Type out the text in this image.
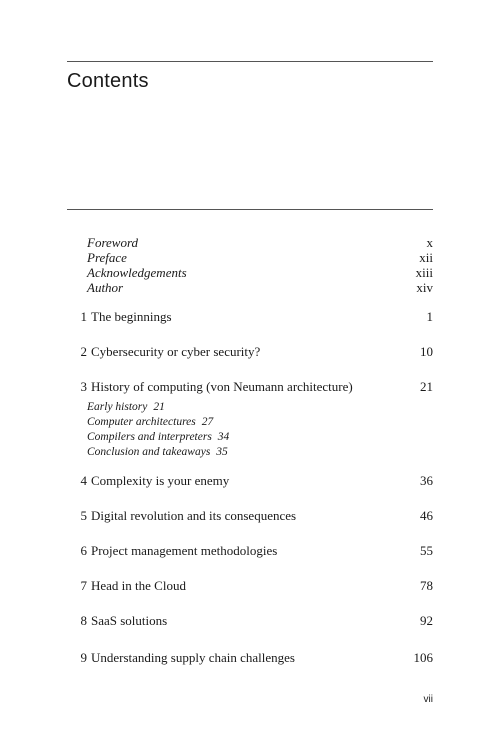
Contents
Foreword	x
Preface	xii
Acknowledgements	xiii
Author	xiv
1 The beginnings	1
2 Cybersecurity or cyber security?	10
3 History of computing (von Neumann architecture)	21
Early history 21
Computer architectures 27
Compilers and interpreters 34
Conclusion and takeaways 35
4 Complexity is your enemy	36
5 Digital revolution and its consequences	46
6 Project management methodologies	55
7 Head in the Cloud	78
8 SaaS solutions	92
9 Understanding supply chain challenges	106
vii
